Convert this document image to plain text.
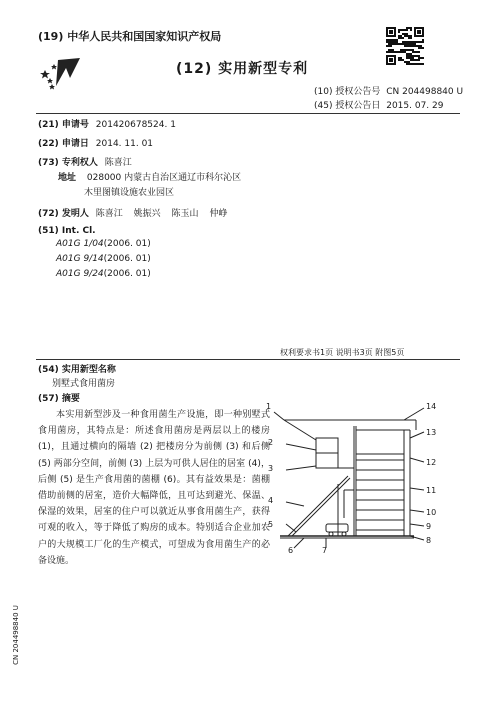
(19) 中华人民共和国国家知识产权局
(12) 实用新型专利
(10) 授权公告号 CN 204498840 U
(45) 授权公告日 2015. 07. 29
(21) 申请号 201420678524. 1
(22) 申请日 2014. 11. 01
(73) 专利权人 陈喜江
地址 028000 内蒙古自治区通辽市科尔沁区
木里图镇设施农业园区
(72) 发明人 陈喜江 姚振兴 陈玉山 仲峥
(51) Int. Cl.
A01G 1/04(2006. 01)
A01G 9/14(2006. 01)
A01G 9/24(2006. 01)
权利要求书1页 说明书3页 附图5页
(54) 实用新型名称
别墅式食用菌房
(57) 摘要
本实用新型涉及一种食用菌生产设施，即一种别墅式食用菌房，其特点是：所述食用菌房是两层以上的楼房 (1)，且通过横向的隔墙 (2) 把楼房分为前侧 (3) 和后侧 (5) 两部分空间，前侧 (3) 上层为可供人居住的居室 (4)，后侧 (5) 是生产食用菌的菌棚 (6)。其有益效果是：菌棚借助前侧的居室，造价大幅降低，且可达到避光、保温、保湿的效果，居室的住户可以就近从事食用菌生产，获得可观的收入，等于降低了购房的成本。特别适合企业加农户的大规模工厂化的生产模式，可望成为食用菌生产的必备设施。
1
2
3
4
5
6	7
8
9
10
11
12
13
14
CN 204498840 U
